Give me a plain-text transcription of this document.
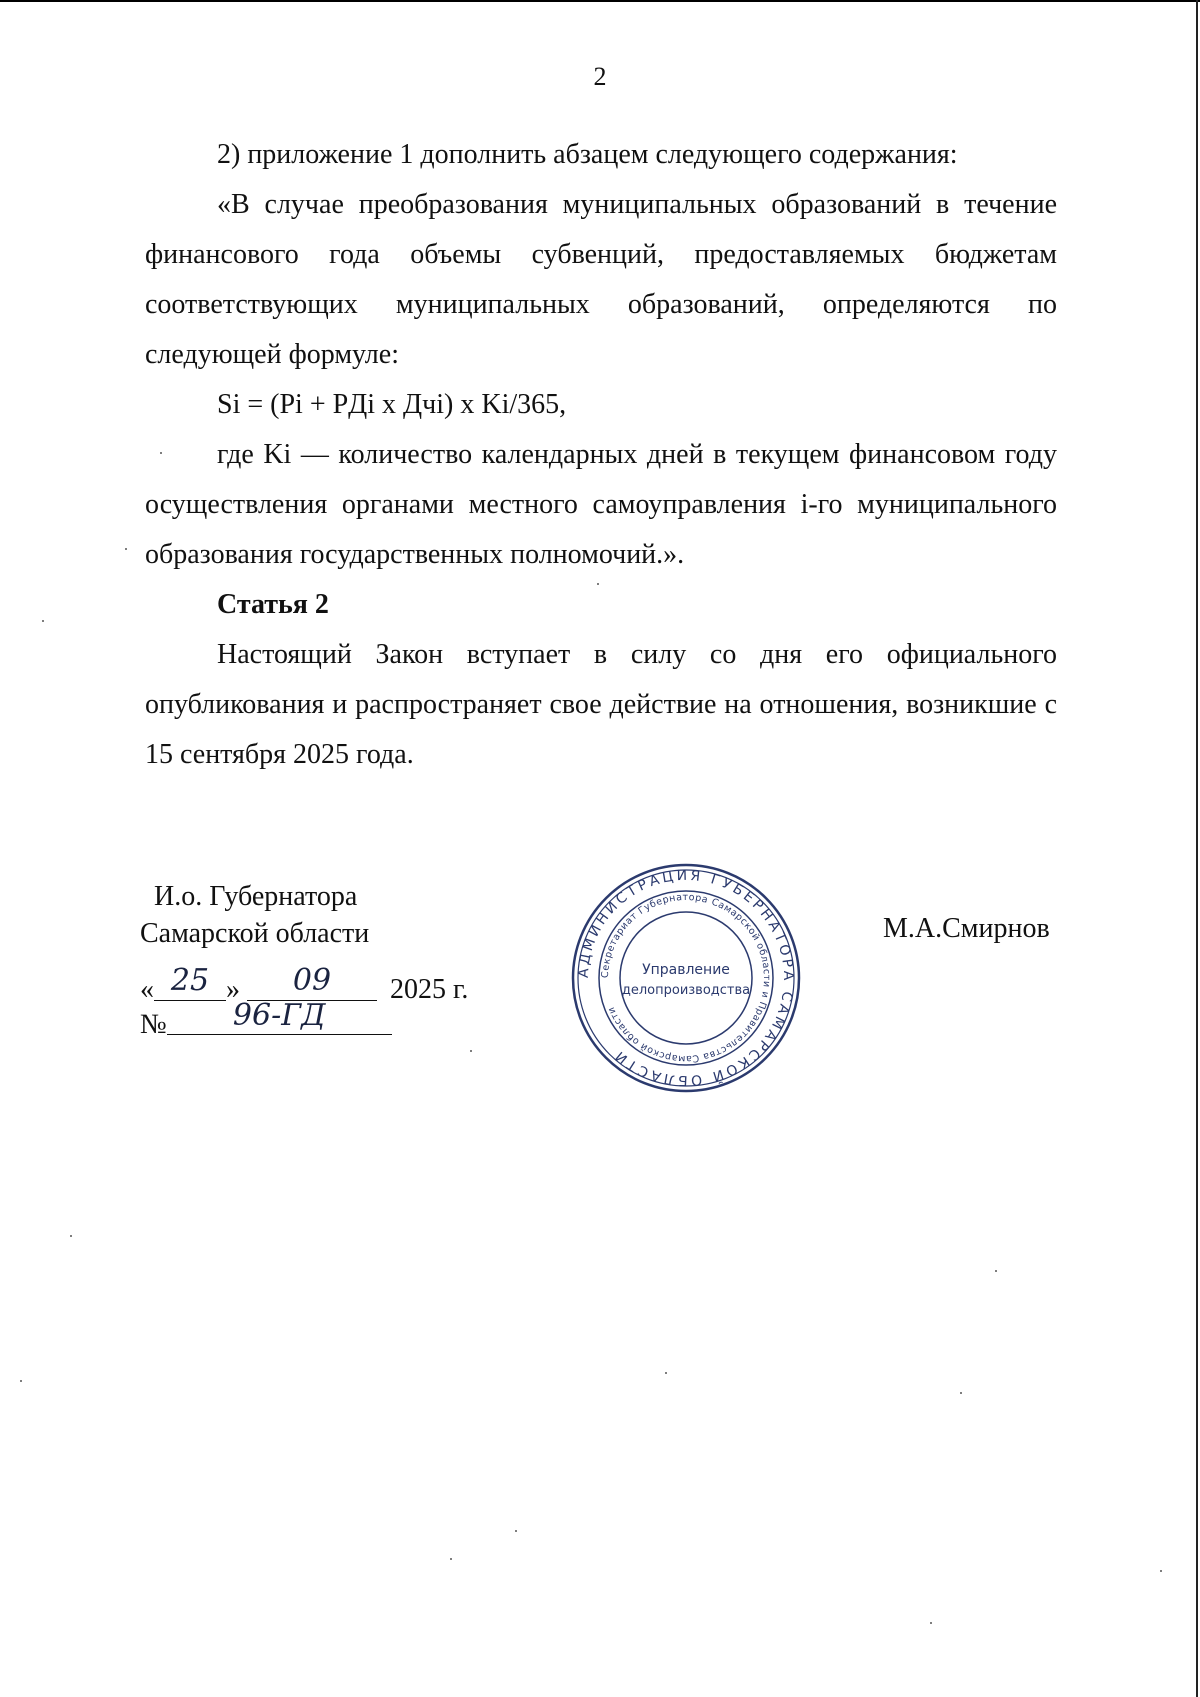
2

2) приложение 1 дополнить абзацем следующего содержания:

«В случае преобразования муниципальных образований в течение финансового года объемы субвенций, предоставляемых бюджетам соответствующих муниципальных образований, определяются по следующей формуле:

Si = (Pi + PДi x Дчi) x Ki/365,

где Ki — количество календарных дней в текущем финансовом году осуществления органами местного самоуправления i-го муниципального образования государственных полномочий.».

Статья 2

Настоящий Закон вступает в силу со дня его официального опубликования и распространяет свое действие на отношения, возникшие с 15 сентября 2025 года.

И.о. Губернатора
Самарской области	М.А.Смирнов
« 25 » 09 2025 г.
№ 96-ГД
АДМИНИСТРАЦИЯ ГУБЕРНАТОРА САМАРСКОЙ ОБЛАСТИ
Секретариат Губернатора Самарской области и Правительства Самарской области
Управление
делопроизводства
